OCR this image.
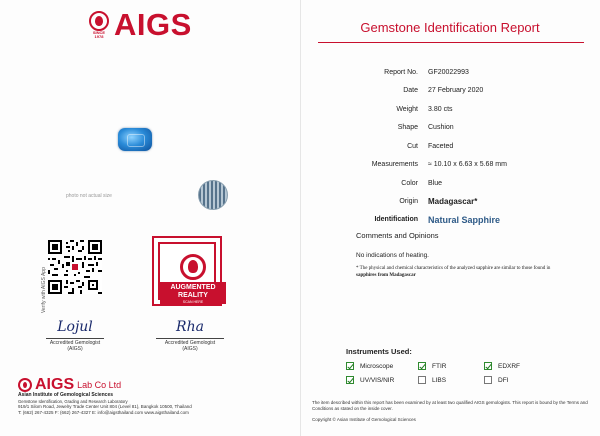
SINCE 1978 AIGS	Gemstone Identification Report
photo not actual size
Verify with AIGS App	AUGMENTED
REALITY
SCAN HERE
Lojul
Accredited Gemologist
(AIGS)
Rha
Accredited Gemologist
(AIGS)
AIGS Lab Co Ltd
Asian Institute of Gemological Sciences
Gemstone Identification, Grading and Research Laboratory
919/1 Silom Road, Jewelry Trade Center Unit 804 (Level 81), Bangkok 10500, Thailand
T: (662) 267-4325 F: (662) 267-4327 E: info@aigsthailand.com www.aigsthailand.com
Report No. GF20022993
Date 27 February 2020
Weight 3.80 cts
Shape Cushion
Cut Faceted
Measurements ≈ 10.10 x 6.63 x 5.68 mm
Color Blue
Origin Madagascar*
Identification Natural Sapphire
Comments and Opinions
No indications of heating.
* The physical and chemical characteristics of the analyzed sapphire are similar to those found in sapphires from Madagascar
Instruments Used:
Microscope	FTIR	EDXRF
UV/VIS/NIR	LIBS	DFI
The item described within this report has been examined by at least two qualified AIGS gemologists. This report is bound by the Terms and Conditions as stated on the inside cover.
Copyright © Asian Institute of Gemological Sciences
